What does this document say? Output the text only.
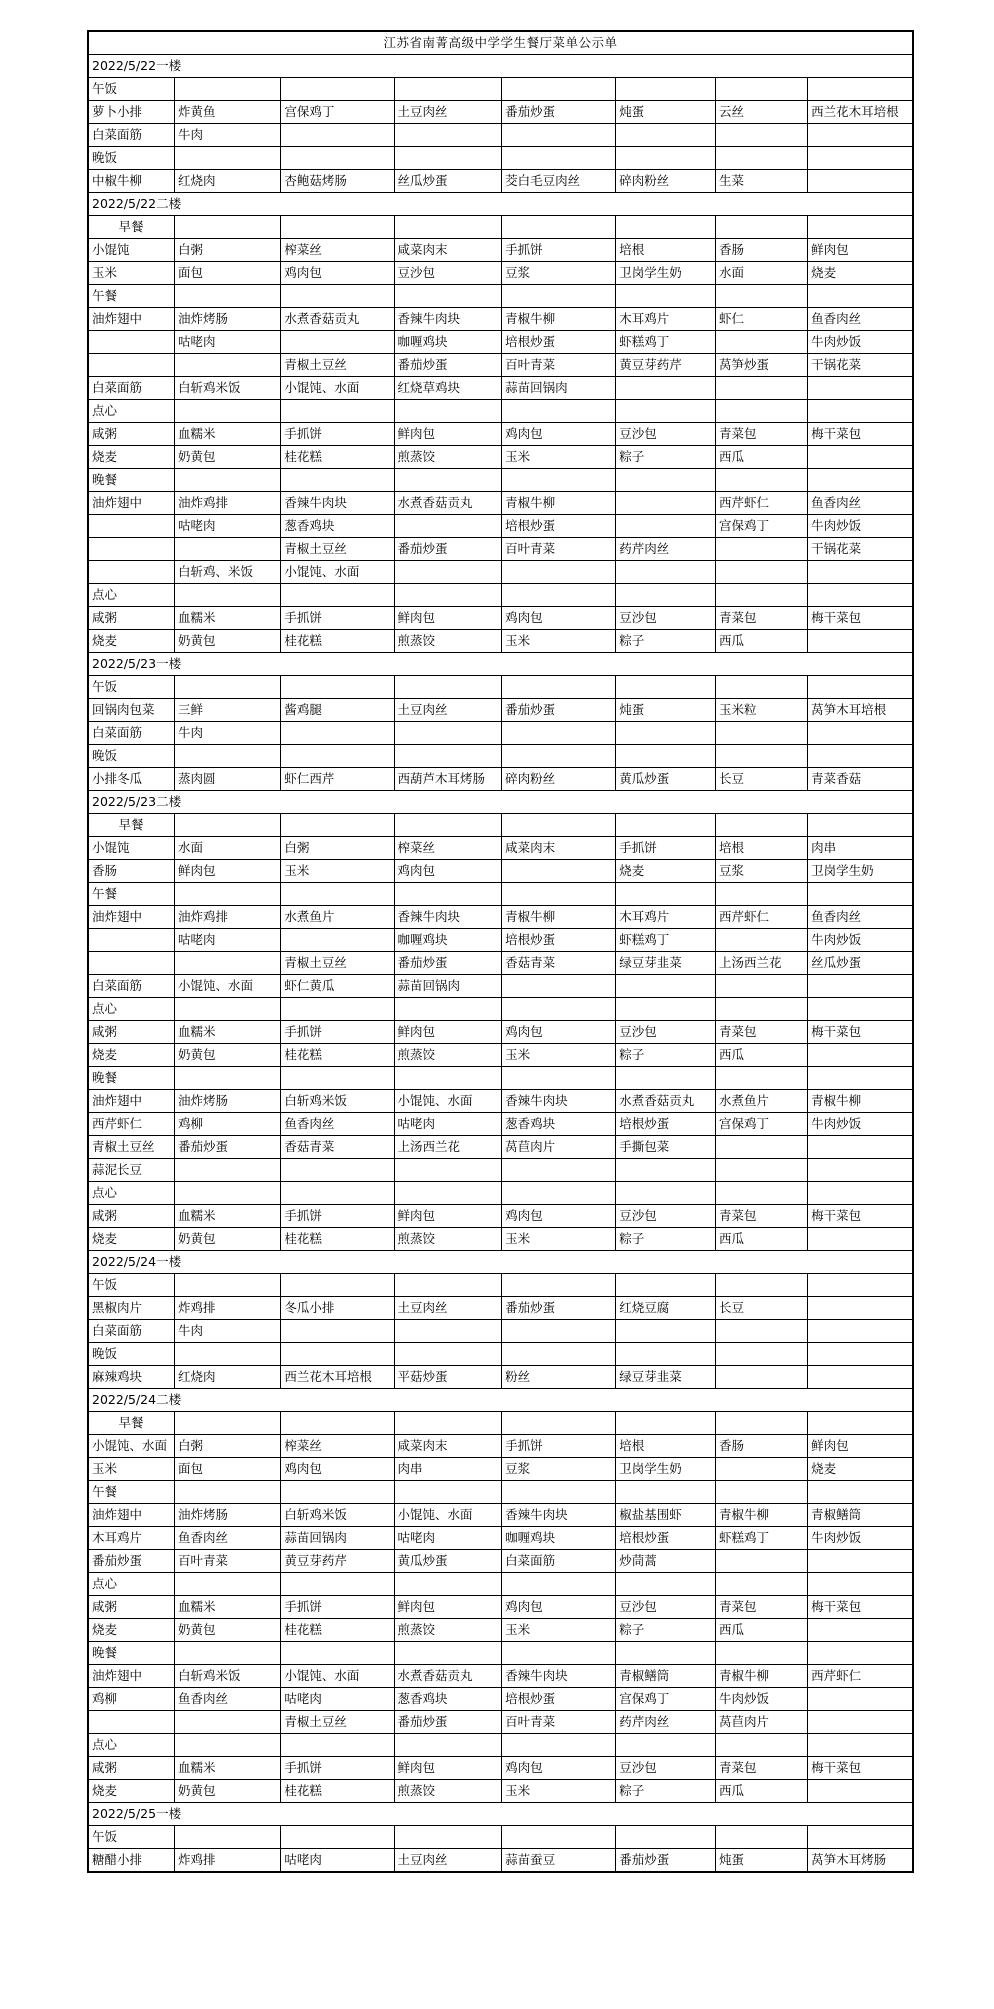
江苏省南菁高级中学学生餐厅菜单公示单							
2022/5/22一楼							
午饭							
萝卜小排	炸黄鱼	宫保鸡丁	土豆肉丝	番茄炒蛋	炖蛋	云丝	西兰花木耳培根
白菜面筋	牛肉						
晚饭							
中椒牛柳	红烧肉	杏鲍菇烤肠	丝瓜炒蛋	茭白毛豆肉丝	碎肉粉丝	生菜	
2022/5/22二楼							
早餐							
小馄饨	白粥	榨菜丝	咸菜肉末	手抓饼	培根	香肠	鲜肉包
玉米	面包	鸡肉包	豆沙包	豆浆	卫岗学生奶	水面	烧麦
午餐							
油炸翅中	油炸烤肠	水煮香菇贡丸	香辣牛肉块	青椒牛柳	木耳鸡片	虾仁	鱼香肉丝
	咕咾肉		咖喱鸡块	培根炒蛋	虾糕鸡丁		牛肉炒饭
		青椒土豆丝	番茄炒蛋	百叶青菜	黄豆芽药芹	莴笋炒蛋	干锅花菜
白菜面筋	白斩鸡米饭	小馄饨、水面	红烧草鸡块	蒜苗回锅肉			
点心							
咸粥	血糯米	手抓饼	鲜肉包	鸡肉包	豆沙包	青菜包	梅干菜包
烧麦	奶黄包	桂花糕	煎蒸饺	玉米	粽子	西瓜	
晚餐							
油炸翅中	油炸鸡排	香辣牛肉块	水煮香菇贡丸	青椒牛柳		西芹虾仁	鱼香肉丝
	咕咾肉	葱香鸡块		培根炒蛋		宫保鸡丁	牛肉炒饭
		青椒土豆丝	番茄炒蛋	百叶青菜	药芹肉丝		干锅花菜
	白斩鸡、米饭	小馄饨、水面					
点心							
咸粥	血糯米	手抓饼	鲜肉包	鸡肉包	豆沙包	青菜包	梅干菜包
烧麦	奶黄包	桂花糕	煎蒸饺	玉米	粽子	西瓜	
2022/5/23一楼							
午饭							
回锅肉包菜	三鲜	酱鸡腿	土豆肉丝	番茄炒蛋	炖蛋	玉米粒	莴笋木耳培根
白菜面筋	牛肉						
晚饭							
小排冬瓜	蒸肉圆	虾仁西芹	西葫芦木耳烤肠	碎肉粉丝	黄瓜炒蛋	长豆	青菜香菇
2022/5/23二楼							
早餐							
小馄饨	水面	白粥	榨菜丝	咸菜肉末	手抓饼	培根	肉串
香肠	鲜肉包	玉米	鸡肉包		烧麦	豆浆	卫岗学生奶
午餐							
油炸翅中	油炸鸡排	水煮鱼片	香辣牛肉块	青椒牛柳	木耳鸡片	西芹虾仁	鱼香肉丝
	咕咾肉		咖喱鸡块	培根炒蛋	虾糕鸡丁		牛肉炒饭
		青椒土豆丝	番茄炒蛋	香菇青菜	绿豆芽韭菜	上汤西兰花	丝瓜炒蛋
白菜面筋	小馄饨、水面	虾仁黄瓜	蒜苗回锅肉				
点心							
咸粥	血糯米	手抓饼	鲜肉包	鸡肉包	豆沙包	青菜包	梅干菜包
烧麦	奶黄包	桂花糕	煎蒸饺	玉米	粽子	西瓜	
晚餐							
油炸翅中	油炸烤肠	白斩鸡米饭	小馄饨、水面	香辣牛肉块	水煮香菇贡丸	水煮鱼片	青椒牛柳
西芹虾仁	鸡柳	鱼香肉丝	咕咾肉	葱香鸡块	培根炒蛋	宫保鸡丁	牛肉炒饭
青椒土豆丝	番茄炒蛋	香菇青菜	上汤西兰花	莴苣肉片	手撕包菜		
蒜泥长豆							
点心							
咸粥	血糯米	手抓饼	鲜肉包	鸡肉包	豆沙包	青菜包	梅干菜包
烧麦	奶黄包	桂花糕	煎蒸饺	玉米	粽子	西瓜	
2022/5/24一楼							
午饭							
黑椒肉片	炸鸡排	冬瓜小排	土豆肉丝	番茄炒蛋	红烧豆腐	长豆	
白菜面筋	牛肉						
晚饭							
麻辣鸡块	红烧肉	西兰花木耳培根	平菇炒蛋	粉丝	绿豆芽韭菜		
2022/5/24二楼							
早餐							
小馄饨、水面	白粥	榨菜丝	咸菜肉末	手抓饼	培根	香肠	鲜肉包
玉米	面包	鸡肉包	肉串	豆浆	卫岗学生奶		烧麦
午餐							
油炸翅中	油炸烤肠	白斩鸡米饭	小馄饨、水面	香辣牛肉块	椒盐基围虾	青椒牛柳	青椒鳝筒
木耳鸡片	鱼香肉丝	蒜苗回锅肉	咕咾肉	咖喱鸡块	培根炒蛋	虾糕鸡丁	牛肉炒饭
番茄炒蛋	百叶青菜	黄豆芽药芹	黄瓜炒蛋	白菜面筋	炒茼蒿		
点心							
咸粥	血糯米	手抓饼	鲜肉包	鸡肉包	豆沙包	青菜包	梅干菜包
烧麦	奶黄包	桂花糕	煎蒸饺	玉米	粽子	西瓜	
晚餐							
油炸翅中	白斩鸡米饭	小馄饨、水面	水煮香菇贡丸	香辣牛肉块	青椒鳝筒	青椒牛柳	西芹虾仁
鸡柳	鱼香肉丝	咕咾肉	葱香鸡块	培根炒蛋	宫保鸡丁	牛肉炒饭	
		青椒土豆丝	番茄炒蛋	百叶青菜	药芹肉丝	莴苣肉片	
点心							
咸粥	血糯米	手抓饼	鲜肉包	鸡肉包	豆沙包	青菜包	梅干菜包
烧麦	奶黄包	桂花糕	煎蒸饺	玉米	粽子	西瓜	
2022/5/25一楼							
午饭							
糖醋小排	炸鸡排	咕咾肉	土豆肉丝	蒜苗蚕豆	番茄炒蛋	炖蛋	莴笋木耳烤肠
